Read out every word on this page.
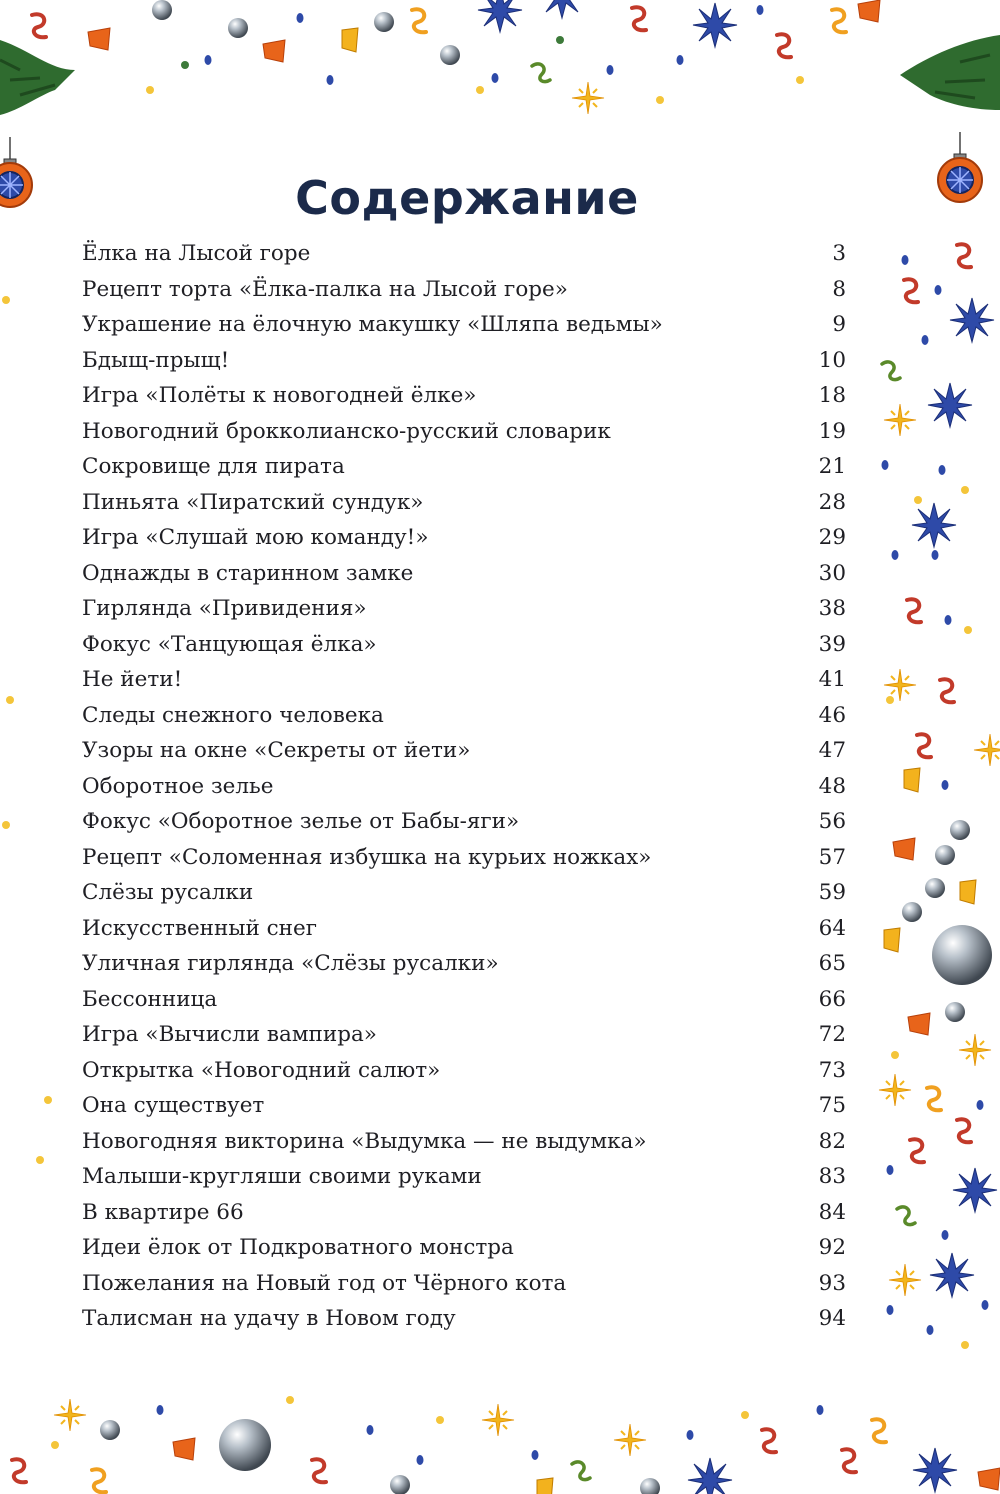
Содержание
Ёлка на Лысой горе	3
Рецепт торта «Ёлка-палка на Лысой горе»	8
Украшение на ёлочную макушку «Шляпа ведьмы»	9
Бдыщ-прыщ!	10
Игра «Полёты к новогодней ёлке»	18
Новогодний брокколианско-русский словарик	19
Сокровище для пирата	21
Пиньята «Пиратский сундук»	28
Игра «Слушай мою команду!»	29
Однажды в старинном замке	30
Гирлянда «Привидения»	38
Фокус «Танцующая ёлка»	39
Не йети!	41
Следы снежного человека	46
Узоры на окне «Секреты от йети»	47
Оборотное зелье	48
Фокус «Оборотное зелье от Бабы-яги»	56
Рецепт «Соломенная избушка на курьих ножках»	57
Слёзы русалки	59
Искусственный снег	64
Уличная гирлянда «Слёзы русалки»	65
Бессонница	66
Игра «Вычисли вампира»	72
Открытка «Новогодний салют»	73
Она существует	75
Новогодняя викторина «Выдумка — не выдумка»	82
Малыши-кругляши своими руками	83
В квартире 66	84
Идеи ёлок от Подкроватного монстра	92
Пожелания на Новый год от Чёрного кота	93
Талисман на удачу в Новом году	94
